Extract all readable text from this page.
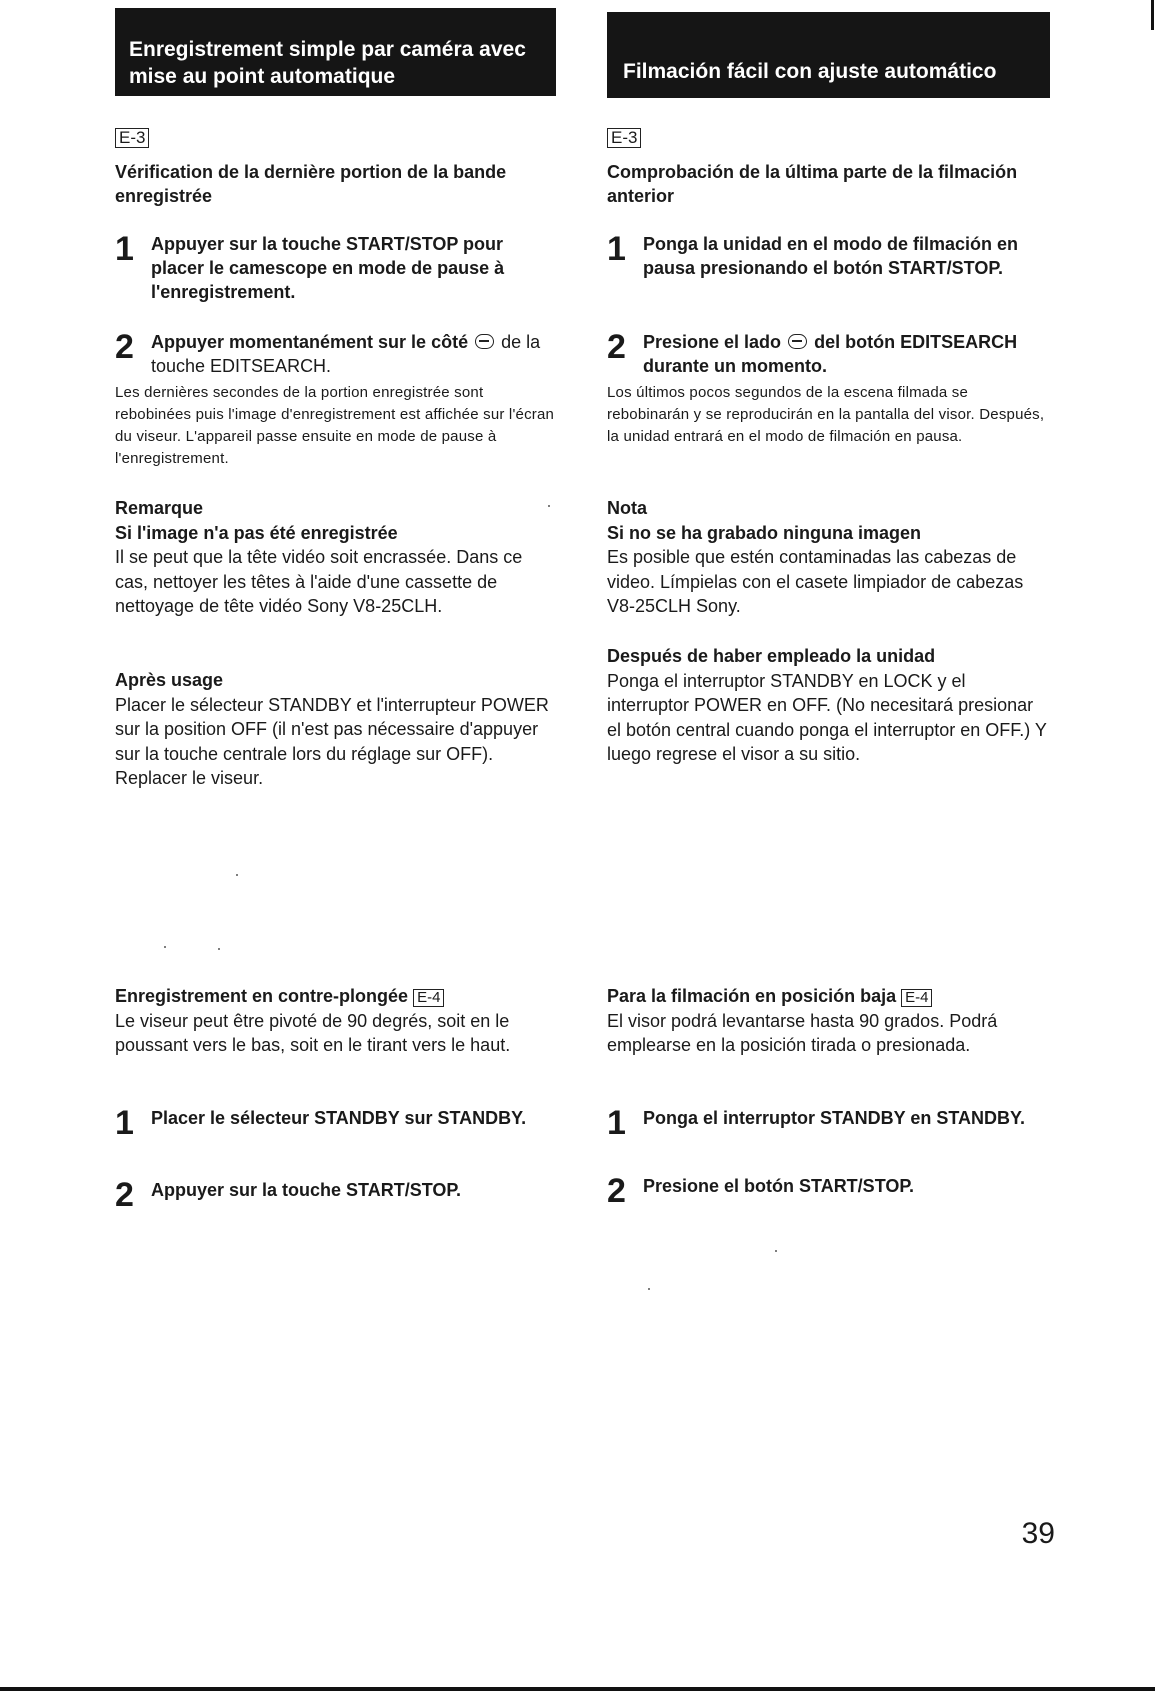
Enregistrement simple par caméra avec mise au point automatique	Filmación fácil con ajuste automático
E-3
Vérification de la dernière portion de la bande enregistrée
1 Appuyer sur la touche START/STOP pour placer le camescope en mode de pause à l'enregistrement.
2 Appuyer momentanément sur le côté de la touche EDITSEARCH.
Les dernières secondes de la portion enregistrée sont rebobinées puis l'image d'enregistrement est affichée sur l'écran du viseur. L'appareil passe ensuite en mode de pause à l'enregistrement.
Remarque
Si l'image n'a pas été enregistrée
Il se peut que la tête vidéo soit encrassée. Dans ce cas, nettoyer les têtes à l'aide d'une cassette de nettoyage de tête vidéo Sony V8-25CLH.
Après usage
Placer le sélecteur STANDBY et l'interrupteur POWER sur la position OFF (il n'est pas nécessaire d'appuyer sur la touche centrale lors du réglage sur OFF).
Replacer le viseur.
Enregistrement en contre-plongée E-4
Le viseur peut être pivoté de 90 degrés, soit en le poussant vers le bas, soit en le tirant vers le haut.
1 Placer le sélecteur STANDBY sur STANDBY.
2 Appuyer sur la touche START/STOP.
E-3
Comprobación de la última parte de la filmación anterior
1 Ponga la unidad en el modo de filmación en pausa presionando el botón START/STOP.
2 Presione el lado del botón EDITSEARCH durante un momento.
Los últimos pocos segundos de la escena filmada se rebobinarán y se reproducirán en la pantalla del visor. Después, la unidad entrará en el modo de filmación en pausa.
Nota
Si no se ha grabado ninguna imagen
Es posible que estén contaminadas las cabezas de video. Límpielas con el casete limpiador de cabezas V8-25CLH Sony.
Después de haber empleado la unidad
Ponga el interruptor STANDBY en LOCK y el interruptor POWER en OFF. (No necesitará presionar el botón central cuando ponga el interruptor en OFF.) Y luego regrese el visor a su sitio.
Para la filmación en posición baja E-4
El visor podrá levantarse hasta 90 grados. Podrá emplearse en la posición tirada o presionada.
1 Ponga el interruptor STANDBY en STANDBY.
2 Presione el botón START/STOP.
39
